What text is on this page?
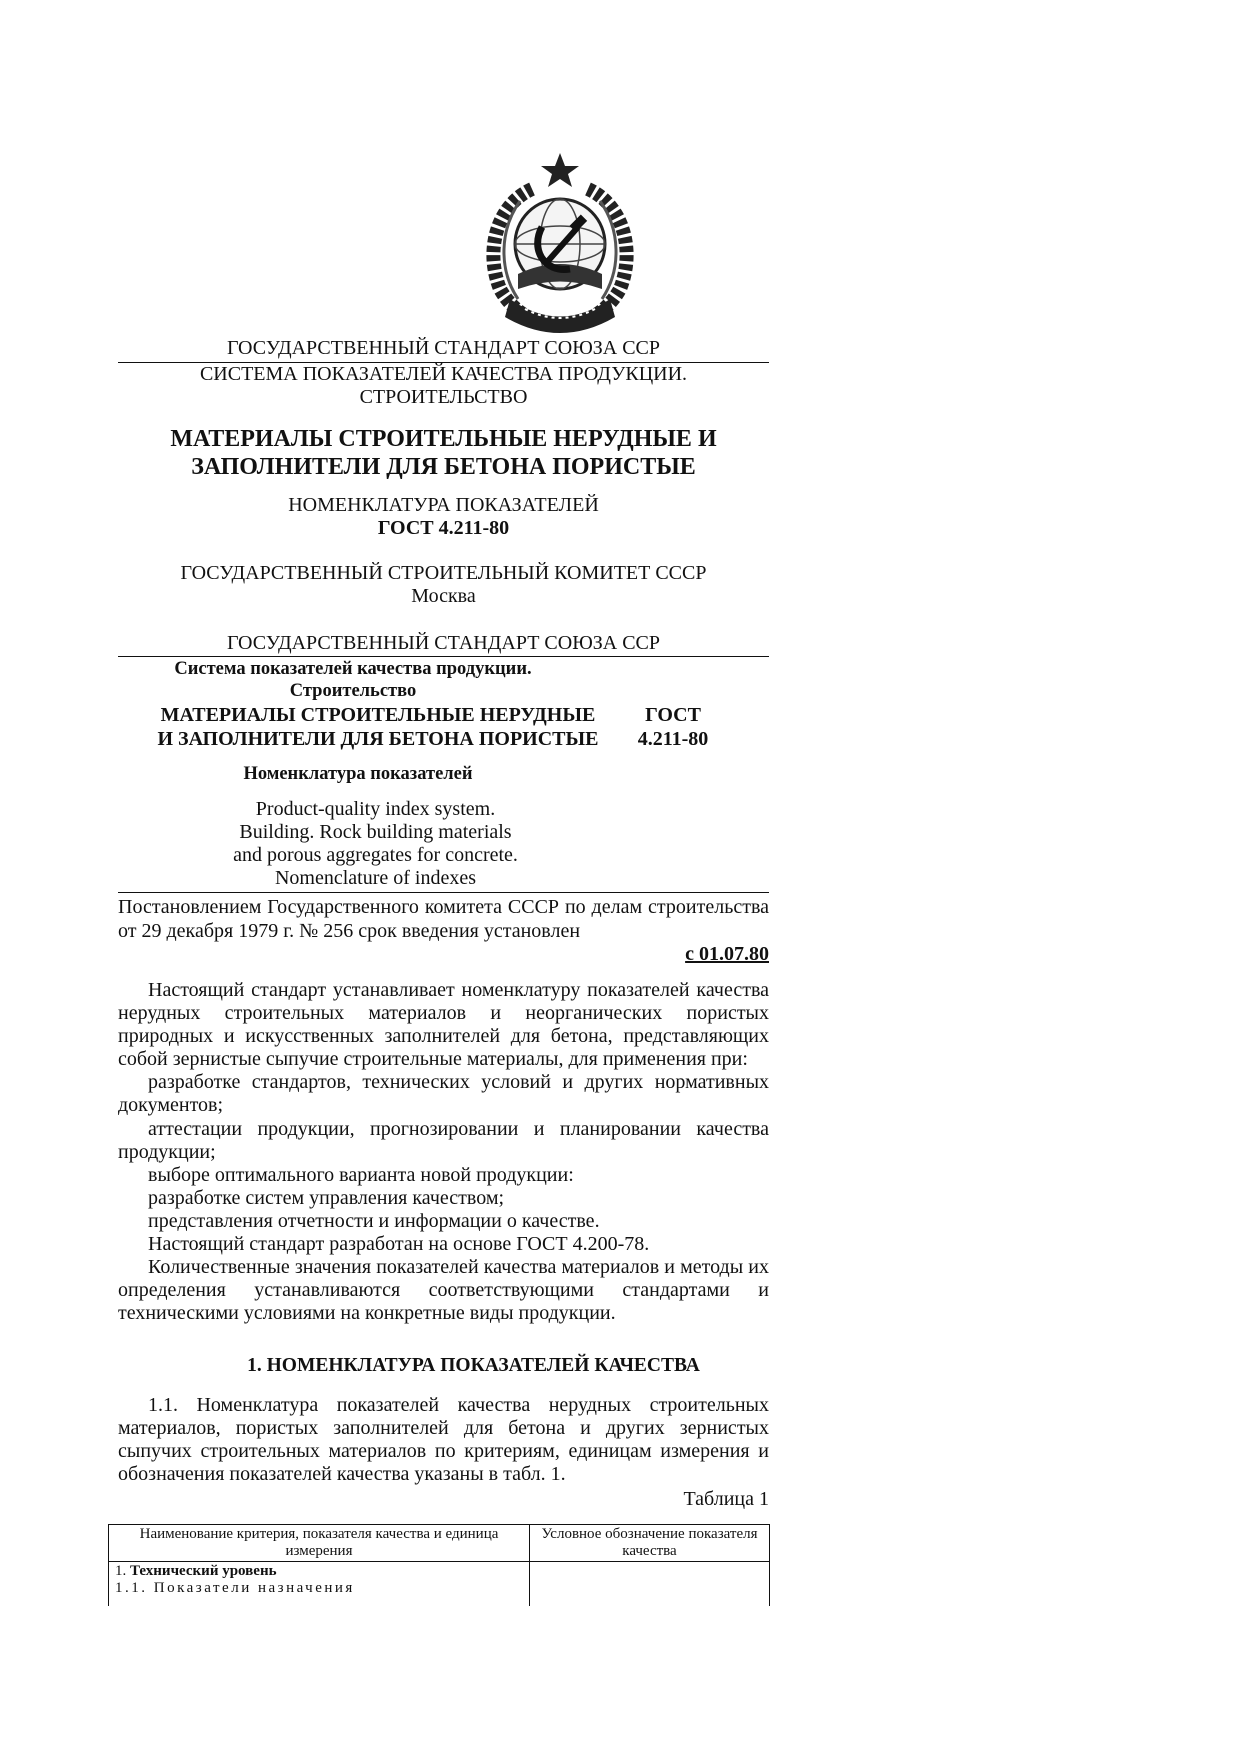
ГОСУДАРСТВЕННЫЙ СТАНДАРТ СОЮЗА ССР
СИСТЕМА ПОКАЗАТЕЛЕЙ КАЧЕСТВА ПРОДУКЦИИ.
СТРОИТЕЛЬСТВО
МАТЕРИАЛЫ СТРОИТЕЛЬНЫЕ НЕРУДНЫЕ И
ЗАПОЛНИТЕЛИ ДЛЯ БЕТОНА ПОРИСТЫЕ
НОМЕНКЛАТУРА ПОКАЗАТЕЛЕЙ
ГОСТ 4.211-80
ГОСУДАРСТВЕННЫЙ СТРОИТЕЛЬНЫЙ КОМИТЕТ СССР
Москва
ГОСУДАРСТВЕННЫЙ СТАНДАРТ СОЮЗА ССР
Система показателей качества продукции.
Строительство
МАТЕРИАЛЫ СТРОИТЕЛЬНЫЕ НЕРУДНЫЕ
И ЗАПОЛНИТЕЛИ ДЛЯ БЕТОНА ПОРИСТЫЕ
ГОСТ
4.211-80
Номенклатура показателей
Product-quality index system.
Building. Rock building materials
and porous aggregates for concrete.
Nomenclature of indexes

Постановлением Государственного комитета СССР по делам строительства от 29 декабря 1979 г. № 256 срок введения установлен

с 01.07.80

Настоящий стандарт устанавливает номенклатуру показателей качества нерудных строительных материалов и неорганических пористых природных и искусственных заполнителей для бетона, представляющих собой зернистые сыпучие строительные материалы, для применения при:

разработке стандартов, технических условий и других нормативных документов;

аттестации продукции, прогнозировании и планировании качества продукции;

выборе оптимального варианта новой продукции:

разработке систем управления качеством;

представления отчетности и информации о качестве.

Настоящий стандарт разработан на основе ГОСТ 4.200-78.

Количественные значения показателей качества материалов и методы их определения устанавливаются соответствующими стандартами и техническими условиями на конкретные виды продукции.

1. НОМЕНКЛАТУРА ПОКАЗАТЕЛЕЙ КАЧЕСТВА

1.1. Номенклатура показателей качества нерудных строительных материалов, пористых заполнителей для бетона и других зернистых сыпучих строительных материалов по критериям, единицам измерения и обозначения показателей качества указаны в табл. 1.

Таблица 1
Наименование критерия, показателя качества и единица измерения	Условное обозначение показателя качества

1. Технический уровень
1.1. Показатели назначения	
